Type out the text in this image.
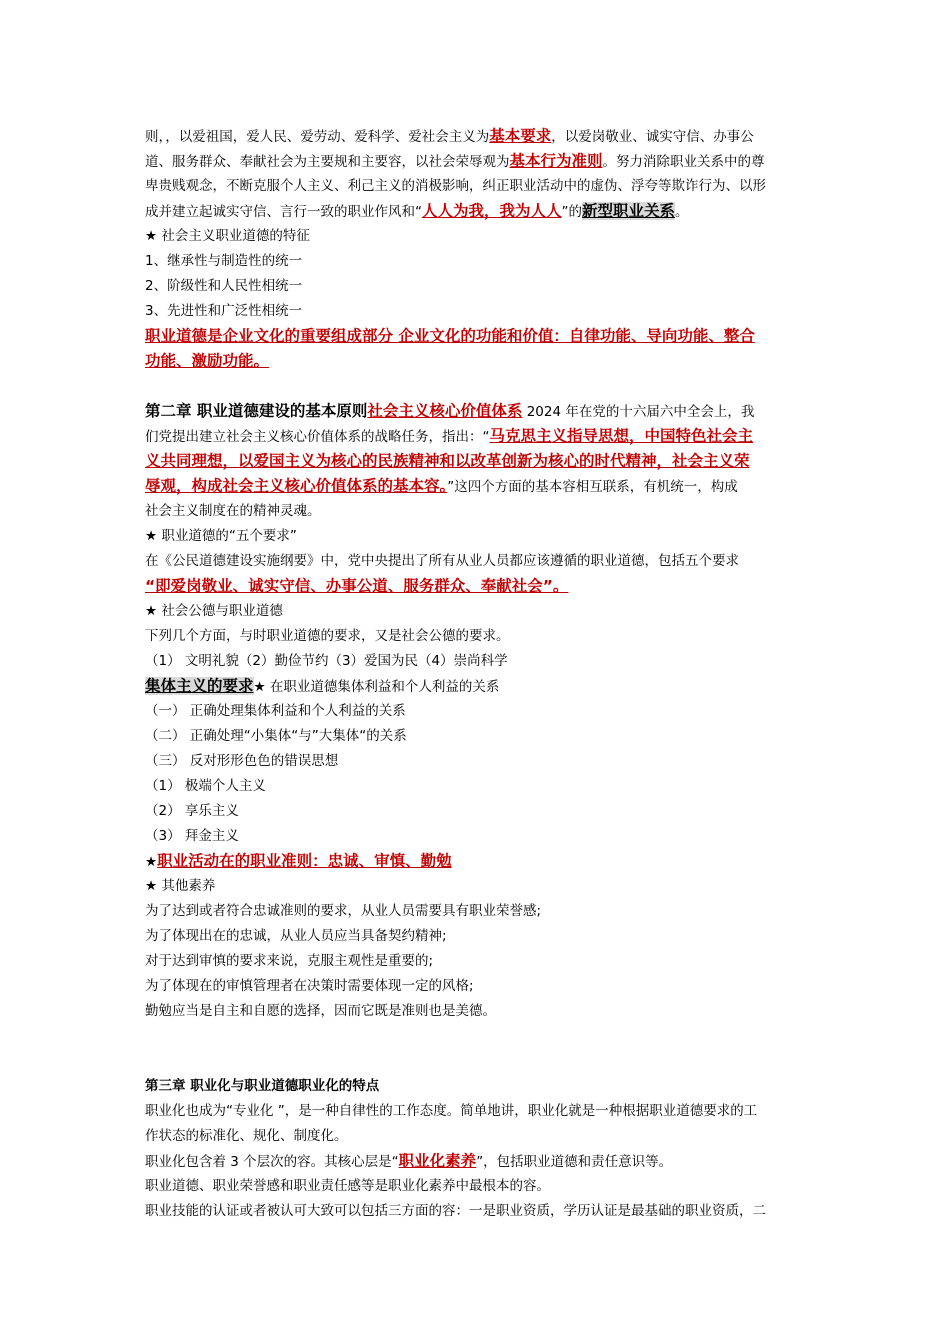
则，，以爱祖国，爱人民、爱劳动、爱科学、爱社会主义为基本要求，以爱岗敬业、诚实守信、办事公
道、服务群众、奉献社会为主要规和主要容，以社会荣辱观为基本行为准则。努力消除职业关系中的尊
卑贵贱观念，不断克服个人主义、利己主义的消极影响，纠正职业活动中的虚伪、浮夸等欺诈行为、以形
成并建立起诚实守信、言行一致的职业作风和“人人为我，我为人人”的新型职业关系。
★ 社会主义职业道德的特征
1、继承性与制造性的统一
2、阶级性和人民性相统一
3、先进性和广泛性相统一
职业道德是企业文化的重要组成部分 企业文化的功能和价值：自律功能、导向功能、整合
功能、激励功能。
第二章 职业道德建设的基本原则社会主义核心价值体系 2024 年在党的十六届六中全会上，我
们党提出建立社会主义核心价值体系的战略任务，指出：“马克思主义指导思想，中国特色社会主
义共同理想，以爱国主义为核心的民族精神和以改革创新为核心的时代精神，社会主义荣
辱观，构成社会主义核心价值体系的基本容。”这四个方面的基本容相互联系，有机统一，构成
社会主义制度在的精神灵魂。
★ 职业道德的“五个要求”
在《公民道德建设实施纲要》中，党中央提出了所有从业人员都应该遵循的职业道德，包括五个要求
“即爱岗敬业、诚实守信、办事公道、服务群众、奉献社会”。
★ 社会公德与职业道德
下列几个方面，与时职业道德的要求，又是社会公德的要求。
（1） 文明礼貌（2）勤俭节约（3）爱国为民（4）崇尚科学
集体主义的要求★ 在职业道德集体利益和个人利益的关系
（一） 正确处理集体利益和个人利益的关系
（二） 正确处理“小集体“与”大集体“的关系
（三） 反对形形色色的错误思想
（1） 极端个人主义
（2） 享乐主义
（3） 拜金主义
★职业活动在的职业准则：忠诚、审慎、勤勉
★ 其他素养
为了达到或者符合忠诚准则的要求，从业人员需要具有职业荣誉感;
为了体现出在的忠诚，从业人员应当具备契约精神;
对于达到审慎的要求来说，克服主观性是重要的;
为了体现在的审慎管理者在决策时需要体现一定的风格;
勤勉应当是自主和自愿的选择，因而它既是准则也是美德。
第三章 职业化与职业道德职业化的特点
职业化也成为“专业化 ”，是一种自律性的工作态度。简单地讲，职业化就是一种根据职业道德要求的工
作状态的标准化、规化、制度化。
职业化包含着 3 个层次的容。其核心层是“职业化素养”，包括职业道德和责任意识等。
职业道德、职业荣誉感和职业责任感等是职业化素养中最根本的容。
职业技能的认证或者被认可大致可以包括三方面的容：一是职业资质，学历认证是最基础的职业资质，二
